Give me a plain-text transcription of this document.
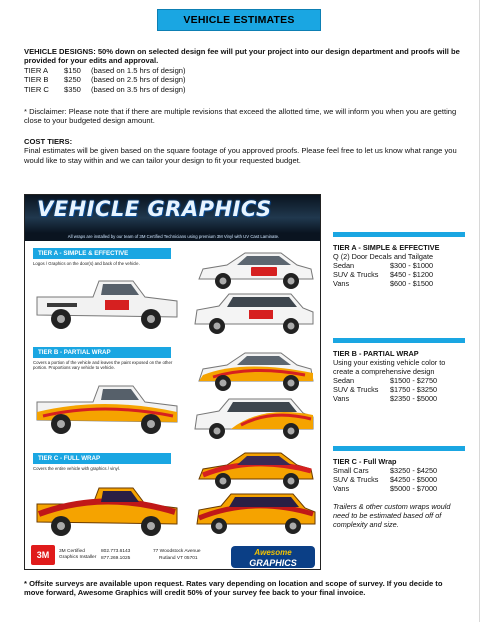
VEHICLE ESTIMATES
VEHICLE DESIGNS: 50% down on selected design fee will put your project into our design department and proofs will be provided for your edits and approval.
TIER A	$150	(based on 1.5 hrs of design)
TIER B	$250	(based on 2.5 hrs of design)
TIER C	$350	(based on 3.5 hrs of design)
* Disclaimer: Please note that if there are multiple revisions that exceed the allotted time, we will inform you when you are getting close to your budgeted design amount.
COST TIERS:
Final estimates will be given based on the square footage of you approved proofs. Please feel free to let us know what range you would like to stay within and we can tailor your design to fit your requested budget.
VEHICLE GRAPHICS
All wraps are installed by our team of 3M Certified Technicians using premium 3M Vinyl with UV Cast Laminate.
TIER A - SIMPLE & EFFECTIVE
Logos / Graphics on the door(s) and back of the vehicle.
TIER B - PARTIAL WRAP
Covers a portion of the vehicle and leaves the paint exposed on the other portion. Proportions vary vehicle to vehicle.
TIER C - FULL WRAP
Covers the entire vehicle with graphics / vinyl.
3M 3M Certified Graphics Installer
802.773.6143
877.269.1025
77 Woodstock Avenue
Rutland VT 05701
Awesome
GRAPHICS
TIER A - SIMPLE & EFFECTIVE
Q (2) Door Decals and Tailgate
Sedan	$300 - $1000
SUV & Trucks	$450 - $1200
Vans	$600 - $1500
TIER B - PARTIAL WRAP
Using your existing vehicle color to create a comprehensive design
Sedan	$1500 - $2750
SUV & Trucks	$1750 - $3250
Vans	$2350 - $5000
TIER C - Full Wrap
Small Cars	$3250 - $4250
SUV & Trucks	$4250 - $5000
Vans	$5000 - $7000
Trailers & other custom wraps would need to be estimated based off of complexity and size.
* Offsite surveys are available upon request. Rates vary depending on location and scope of survey. If you decide to move forward, Awesome Graphics will credit 50% of your survey fee back to your final invoice.
